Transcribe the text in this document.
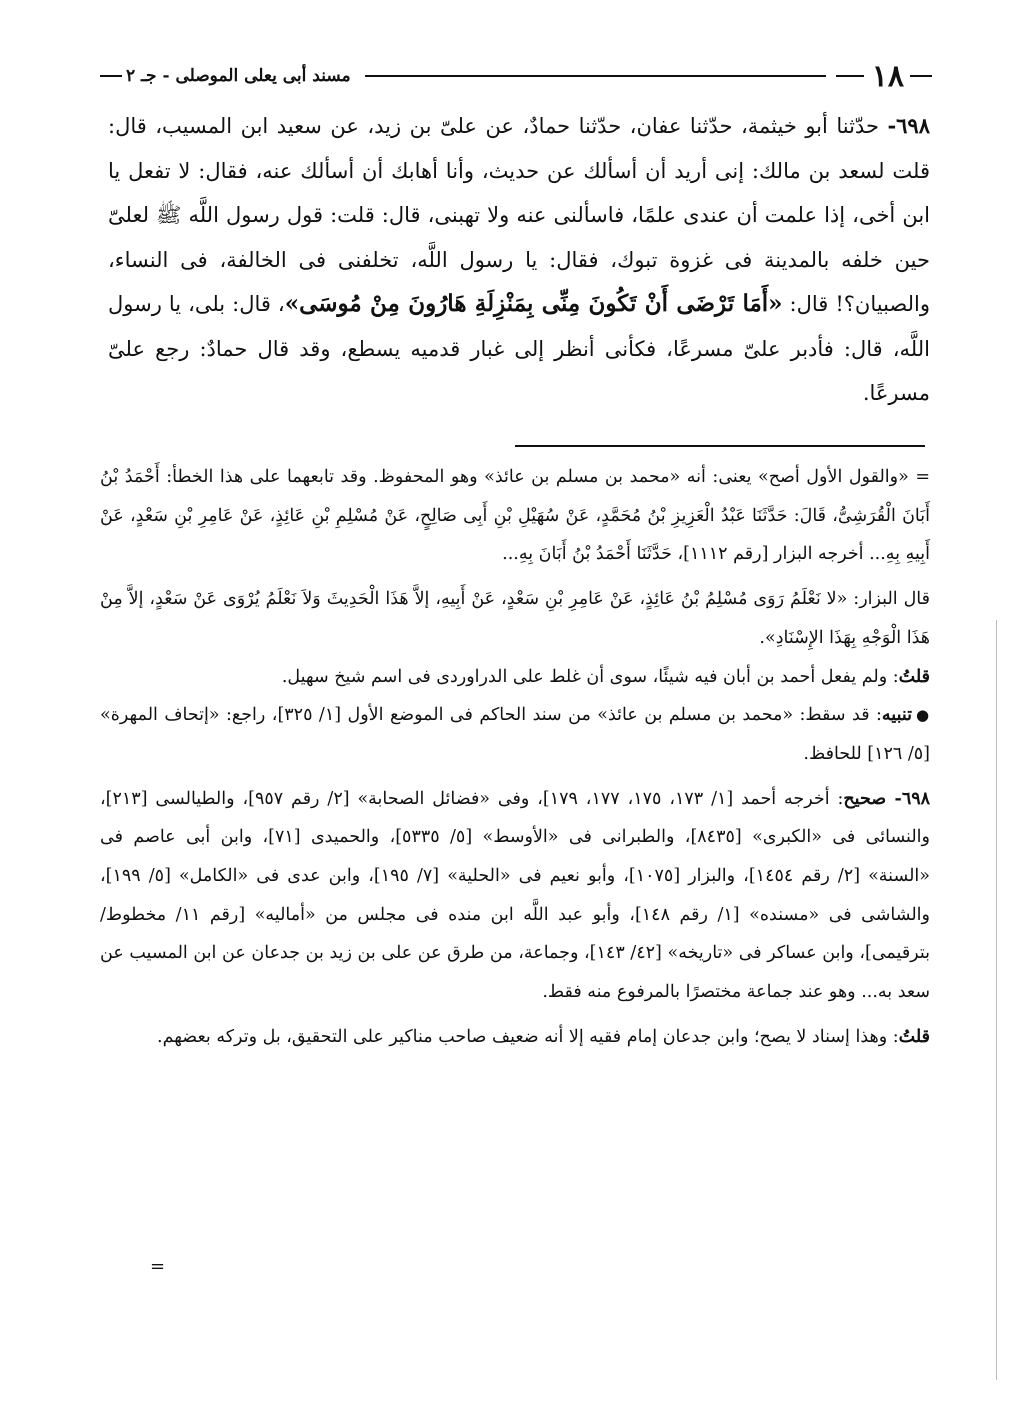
١٨
مسند أبى يعلى الموصلى - جـ ٢

٦٩٨- حدّثنا أبو خيثمة، حدّثنا عفان، حدّثنا حمادٌ، عن علىّ بن زيد، عن سعيد ابن المسيب، قال: قلت لسعد بن مالك: إنى أريد أن أسألك عن حديث، وأنا أهابك أن أسألك عنه، فقال: لا تفعل يا ابن أخى، إذا علمت أن عندى علمًا، فاسألنى عنه ولا تهبنى، قال: قلت: قول رسول اللَّه ﷺ لعلىّ حين خلفه بالمدينة فى غزوة تبوك، فقال: يا رسول اللَّه، تخلفنى فى الخالفة، فى النساء، والصبيان؟! قال: «أَمَا تَرْضَى أَنْ تَكُونَ مِنِّى بِمَنْزِلَةِ هَارُونَ مِنْ مُوسَى»، قال: بلى، يا رسول اللَّه، قال: فأدبر علىّ مسرعًا، فكأنى أنظر إلى غبار قدميه يسطع، وقد قال حمادٌ: رجع علىّ مسرعًا.

= «والقول الأول أصح» يعنى: أنه «محمد بن مسلم بن عائذ» وهو المحفوظ. وقد تابعهما على هذا الخطأ: أَحْمَدُ بْنُ أَبَانَ الْقُرَشِىُّ، قَالَ: حَدَّثَنَا عَبْدُ الْعَزِيزِ بْنُ مُحَمَّدٍ، عَنْ سُهَيْلِ بْنِ أَبِى صَالِحٍ، عَنْ مُسْلِمِ بْنِ عَائِذٍ، عَنْ عَامِرِ بْنِ سَعْدٍ، عَنْ أَبِيهِ بِهِ... أخرجه البزار [رقم ١١١٢]، حَدَّثَنَا أَحْمَدُ بْنُ أَبَانَ بِهِ...

قال البزار: «لا نَعْلَمُ رَوَى مُسْلِمُ بْنُ عَائِذٍ، عَنْ عَامِرِ بْنِ سَعْدٍ، عَنْ أَبِيهِ، إلاَّ هَذَا الْحَدِيثَ وَلاَ نَعْلَمُ يُرْوَى عَنْ سَعْدٍ، إلاَّ مِنْ هَذَا الْوَجْهِ بِهَذَا الإِسْنَادِ».

قلتُ: ولم يفعل أحمد بن أبان فيه شيئًا، سوى أن غلط على الدراوردى فى اسم شيخ سهيل.

●تنبيه: قد سقط: «محمد بن مسلم بن عائذ» من سند الحاكم فى الموضع الأول [١/ ٣٢٥]، راجع: «إتحاف المهرة» [٥/ ١٢٦] للحافظ.

٦٩٨- صحيح: أخرجه أحمد [١/ ١٧٣، ١٧٥، ١٧٧، ١٧٩]، وفى «فضائل الصحابة» [٢/ رقم ٩٥٧]، والطيالسى [٢١٣]، والنسائى فى «الكبرى» [٨٤٣٥]، والطبرانى فى «الأوسط» [٥/ ٥٣٣٥]، والحميدى [٧١]، وابن أبى عاصم فى «السنة» [٢/ رقم ١٤٥٤]، والبزار [١٠٧٥]، وأبو نعيم فى «الحلية» [٧/ ١٩٥]، وابن عدى فى «الكامل» [٥/ ١٩٩]، والشاشى فى «مسنده» [١/ رقم ١٤٨]، وأبو عبد اللَّه ابن منده فى مجلس من «أماليه» [رقم ١١/ مخطوط/ بترقيمى]، وابن عساكر فى «تاريخه» [٤٢/ ١٤٣]، وجماعة، من طرق عن على بن زيد بن جدعان عن ابن المسيب عن سعد به... وهو عند جماعة مختصرًا بالمرفوع منه فقط.

قلتُ: وهذا إسناد لا يصح؛ وابن جدعان إمام فقيه إلا أنه ضعيف صاحب مناكير على التحقيق، بل وتركه بعضهم.

=
